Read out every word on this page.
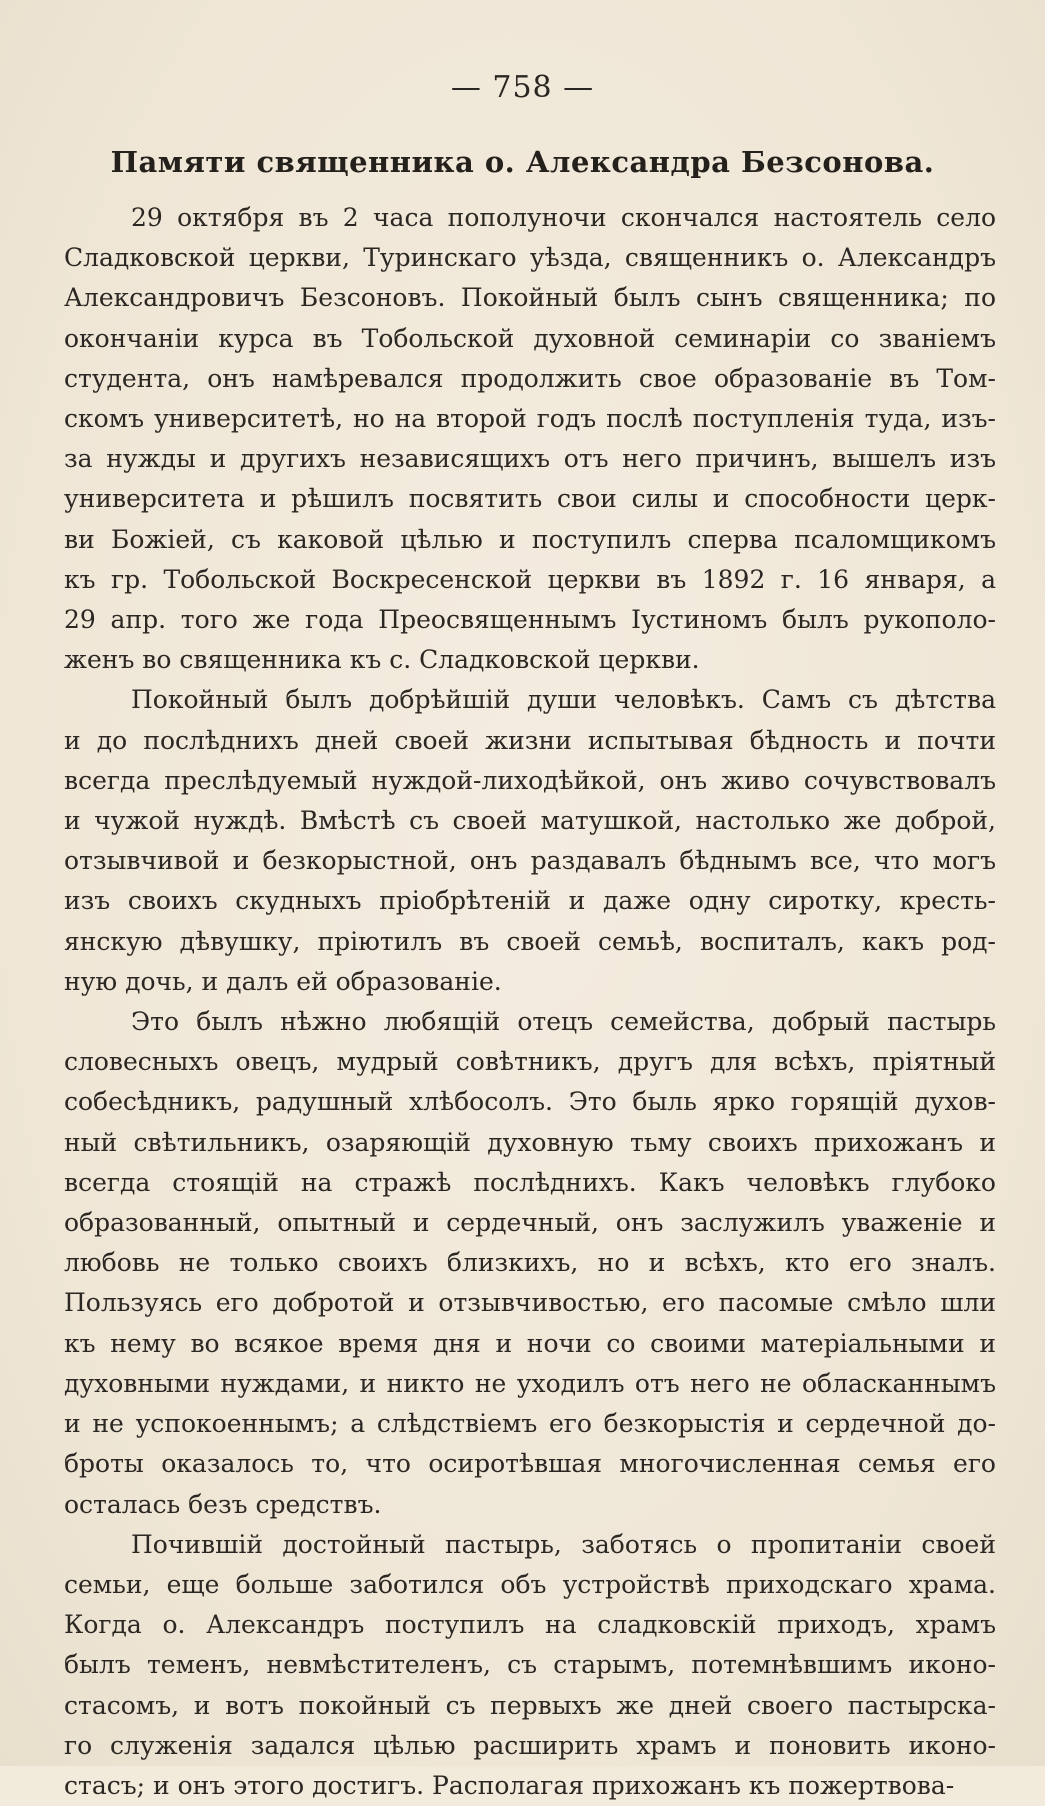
— 758 —
Памяти священника о. Александра Безсонова.
29 октября въ 2 часа пополуночи скончался настоятель село
Сладковской церкви, Туринскаго уѣзда, священникъ о. Александръ
Александровичъ Безсоновъ. Покойный былъ сынъ священника; по
окончаніи курса въ Тобольской духовной семинаріи со званіемъ
студента, онъ намѣревался продолжить свое образованіе въ Том-
скомъ университетѣ, но на второй годъ послѣ поступленія туда, изъ-
за нужды и другихъ независящихъ отъ него причинъ, вышелъ изъ
университета и рѣшилъ посвятить свои силы и способности церк-
ви Божіей, съ каковой цѣлью и поступилъ сперва псаломщикомъ
къ гр. Тобольской Воскресенской церкви въ 1892 г. 16 января, а
29 апр. того же года Преосвященнымъ Іустиномъ былъ рукополо-
женъ во священника къ с. Сладковской церкви.
Покойный былъ добрѣйшій души человѣкъ. Самъ съ дѣтства
и до послѣднихъ дней своей жизни испытывая бѣдность и почти
всегда преслѣдуемый нуждой-лиходѣйкой, онъ живо сочувствовалъ
и чужой нуждѣ. Вмѣстѣ съ своей матушкой, настолько же доброй,
отзывчивой и безкорыстной, онъ раздавалъ бѣднымъ все, что могъ
изъ своихъ скудныхъ пріобрѣтеній и даже одну сиротку, кресть-
янскую дѣвушку, пріютилъ въ своей семьѣ, воспиталъ, какъ род-
ную дочь, и далъ ей образованіе.
Это былъ нѣжно любящій отецъ семейства, добрый пастырь
словесныхъ овецъ, мудрый совѣтникъ, другъ для всѣхъ, пріятный
собесѣдникъ, радушный хлѣбосолъ. Это быль ярко горящій духов-
ный свѣтильникъ, озаряющій духовную тьму своихъ прихожанъ и
всегда стоящій на стражѣ послѣднихъ. Какъ человѣкъ глубоко
образованный, опытный и сердечный, онъ заслужилъ уваженіе и
любовь не только своихъ близкихъ, но и всѣхъ, кто его зналъ.
Пользуясь его добротой и отзывчивостью, его пасомые смѣло шли
къ нему во всякое время дня и ночи со своими матеріальными и
духовными нуждами, и никто не уходилъ отъ него не обласканнымъ
и не успокоеннымъ; а слѣдствіемъ его безкорыстія и сердечной до-
броты оказалось то, что осиротѣвшая многочисленная семья его
осталась безъ средствъ.
Почившій достойный пастырь, заботясь о пропитаніи своей
семьи, еще больше заботился объ устройствѣ приходскаго храма.
Когда о. Александръ поступилъ на сладковскій приходъ, храмъ
былъ теменъ, невмѣстителенъ, съ старымъ, потемнѣвшимъ иконо-
стасомъ, и вотъ покойный съ первыхъ же дней своего пастырска-
го служенія задался цѣлью расширить храмъ и поновить иконо-
стасъ; и онъ этого достигъ. Располагая прихожанъ къ пожертвова-
